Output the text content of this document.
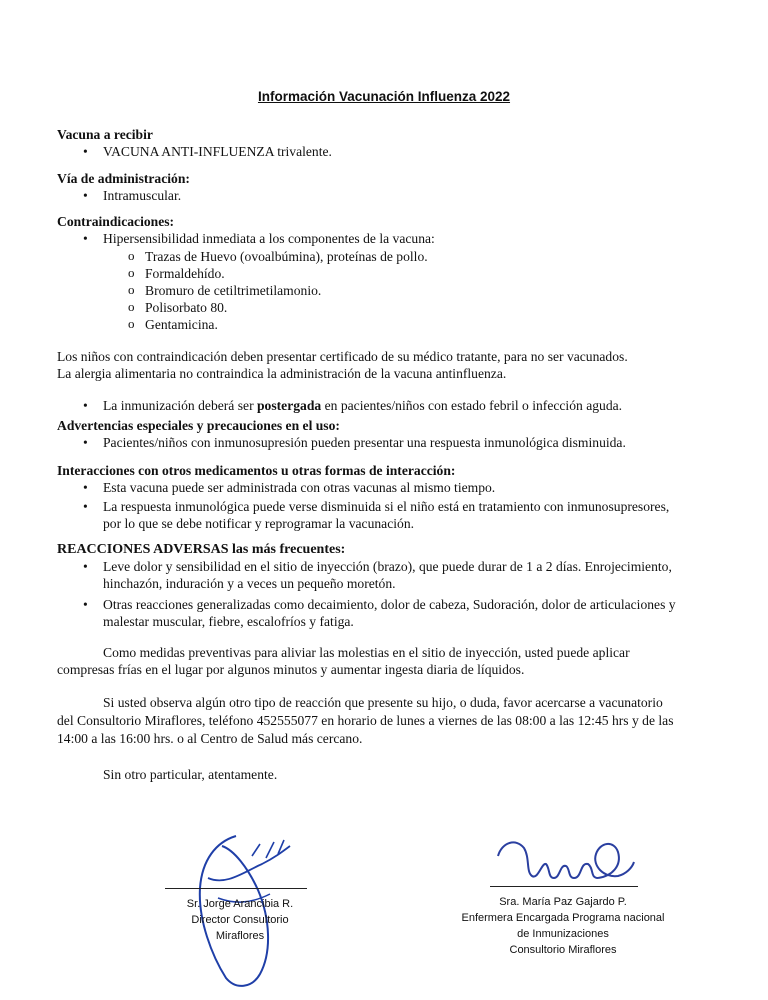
Información Vacunación Influenza 2022
Vacuna a recibir
• VACUNA ANTI-INFLUENZA trivalente.
Vía de administración:
• Intramuscular.
Contraindicaciones:
• Hipersensibilidad inmediata a los componentes de la vacuna:
o Trazas de Huevo (ovoalbúmina), proteínas de pollo.
o Formaldehído.
o Bromuro de cetiltrimetilamonio.
o Polisorbato 80.
o Gentamicina.
Los niños con contraindicación deben presentar certificado de su médico tratante, para no ser vacunados.
La alergia alimentaria no contraindica la administración de la vacuna antinfluenza.
• La inmunización deberá ser postergada en pacientes/niños con estado febril o infección aguda.
Advertencias especiales y precauciones en el uso:
• Pacientes/niños con inmunosupresión pueden presentar una respuesta inmunológica disminuida.
Interacciones con otros medicamentos u otras formas de interacción:
• Esta vacuna puede ser administrada con otras vacunas al mismo tiempo.
• La respuesta inmunológica puede verse disminuida si el niño está en tratamiento con inmunosupresores,
por lo que se debe notificar y reprogramar la vacunación.
REACCIONES ADVERSAS las más frecuentes:
• Leve dolor y sensibilidad en el sitio de inyección (brazo), que puede durar de 1 a 2 días. Enrojecimiento,
hinchazón, induración y a veces un pequeño moretón.
• Otras reacciones generalizadas como decaimiento, dolor de cabeza, Sudoración, dolor de articulaciones y
malestar muscular, fiebre, escalofríos y fatiga.
Como medidas preventivas para aliviar las molestias en el sitio de inyección, usted puede aplicar
compresas frías en el lugar por algunos minutos y aumentar ingesta diaria de líquidos.
Si usted observa algún otro tipo de reacción que presente su hijo, o duda, favor acercarse a vacunatorio
del Consultorio Miraflores, teléfono 452555077 en horario de lunes a viernes de las 08:00 a las 12:45 hrs y de las
14:00 a las 16:00 hrs. o al Centro de Salud más cercano.
Sin otro particular, atentamente.
Sr. Jorge Arancibia R.
Director Consultorio
Miraflores
Sra. María Paz Gajardo P.
Enfermera Encargada Programa nacional
de Inmunizaciones
Consultorio Miraflores
